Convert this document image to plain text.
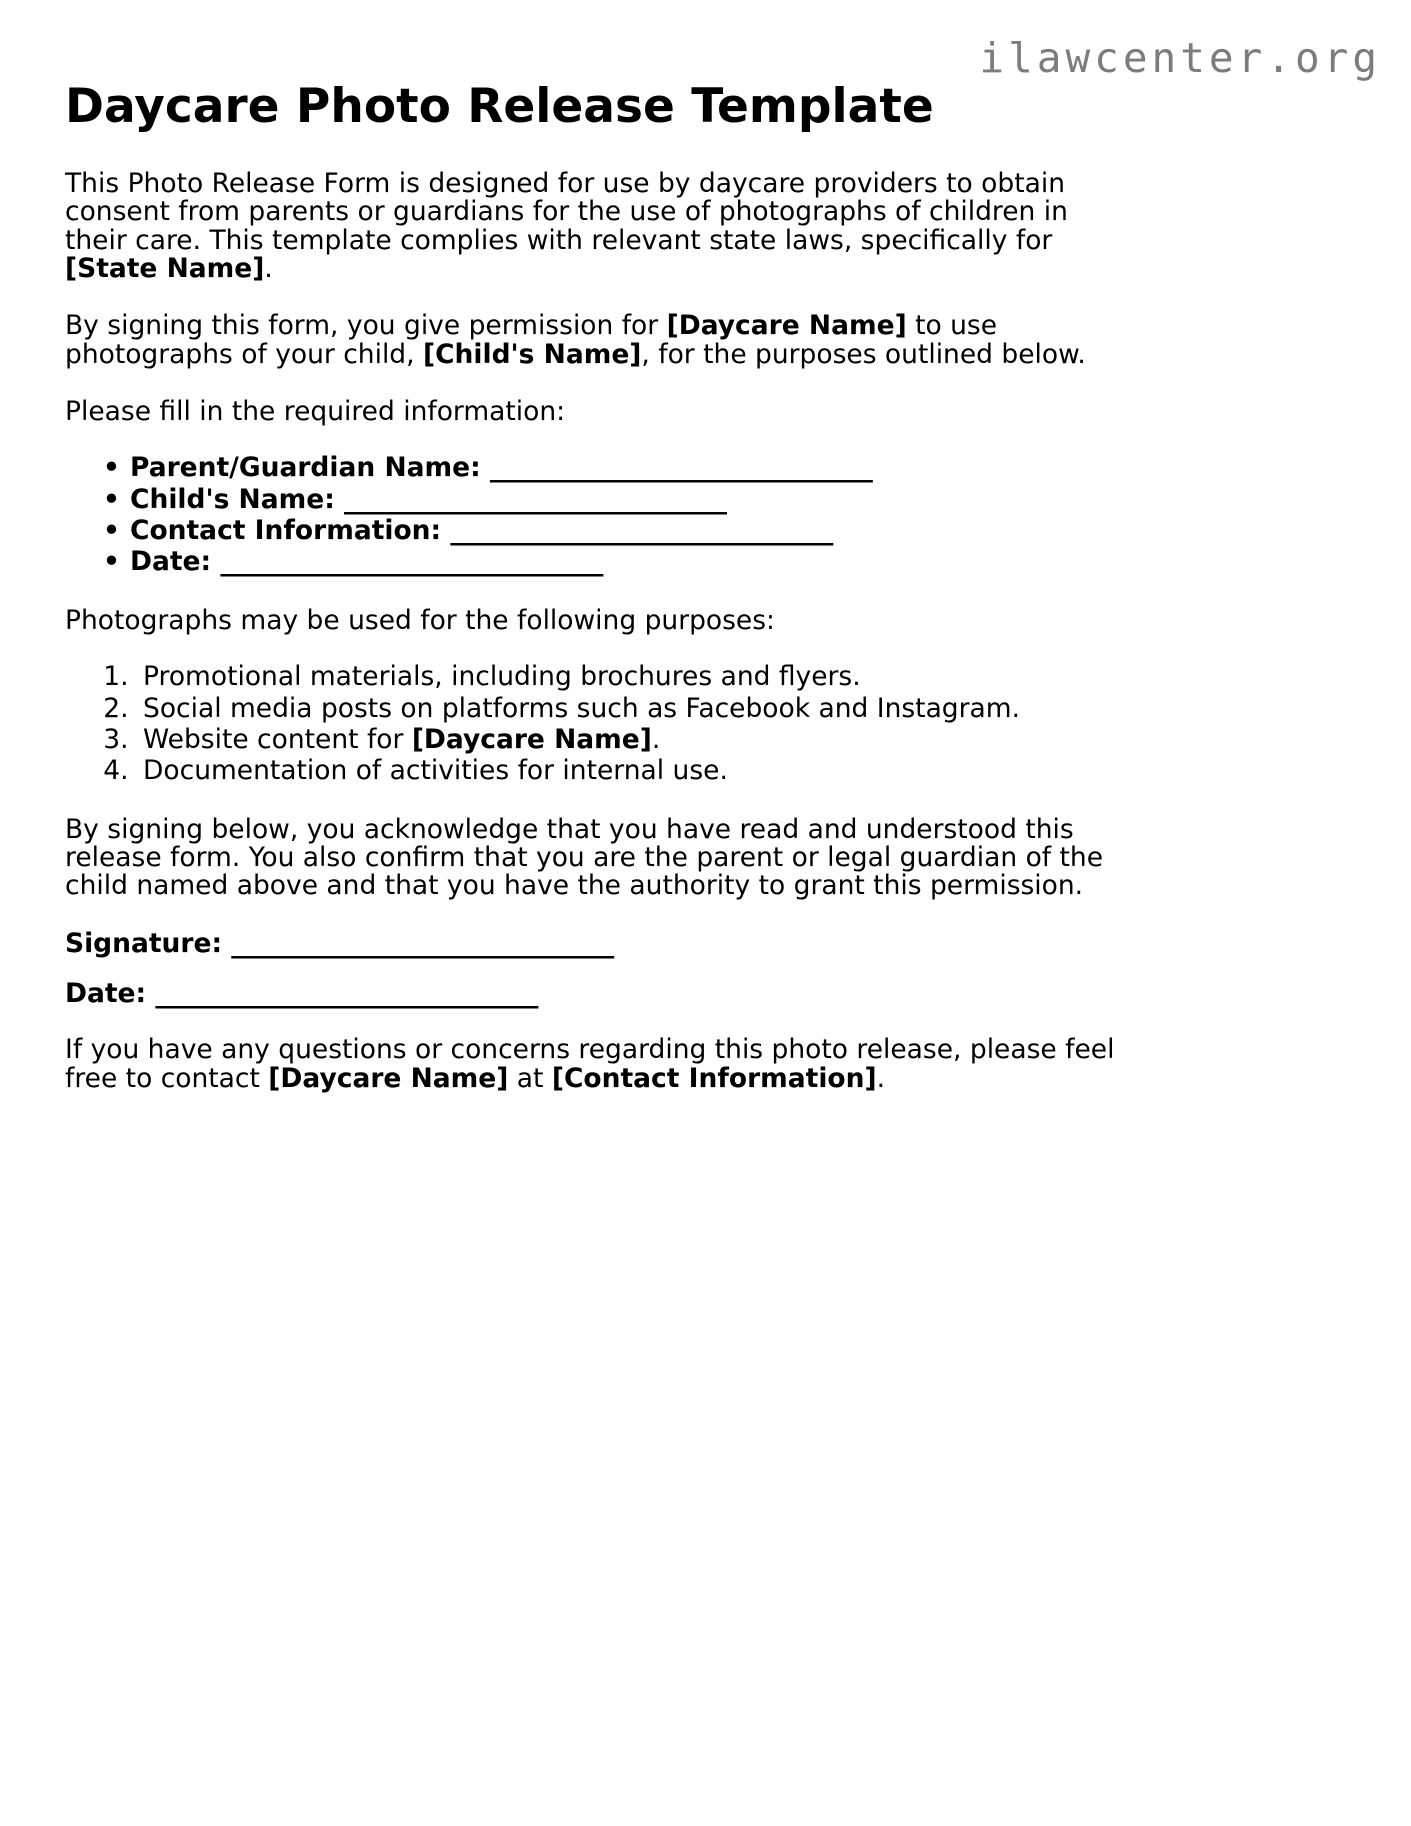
ilawcenter.org
Daycare Photo Release Template

This Photo Release Form is designed for use by daycare providers to obtain consent from parents or guardians for the use of photographs of children in their care. This template complies with relevant state laws, specifically for [State Name].

By signing this form, you give permission for [Daycare Name] to use photographs of your child, [Child's Name], for the purposes outlined below.

Please fill in the required information:

• Parent/Guardian Name: ______________________________
• Child's Name: ______________________________
• Contact Information: ______________________________
• Date: ______________________________

Photographs may be used for the following purposes:

1. Promotional materials, including brochures and flyers.
2. Social media posts on platforms such as Facebook and Instagram.
3. Website content for [Daycare Name].
4. Documentation of activities for internal use.

By signing below, you acknowledge that you have read and understood this release form. You also confirm that you are the parent or legal guardian of the child named above and that you have the authority to grant this permission.

Signature: ______________________________
Date: ______________________________

If you have any questions or concerns regarding this photo release, please feel free to contact [Daycare Name] at [Contact Information].
